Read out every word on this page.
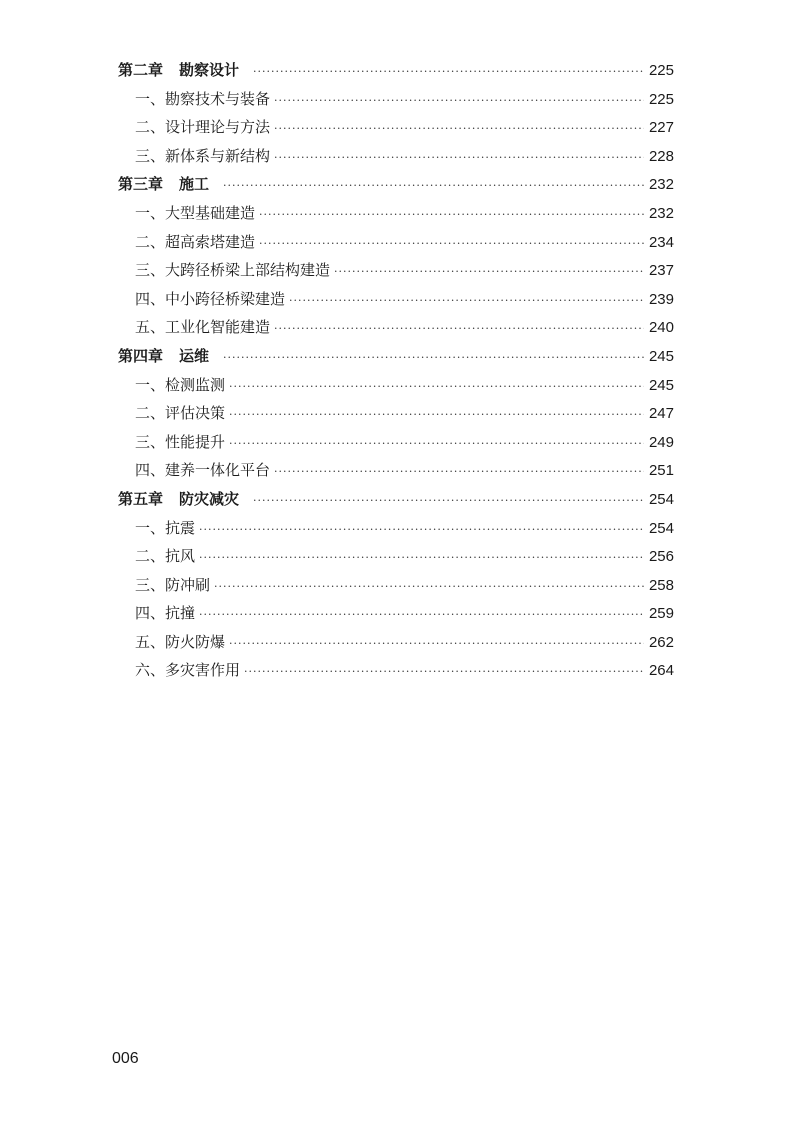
第二章 勘察设计 ·····	225
一、勘察技术与装备 ·····	225
二、设计理论与方法 ·····	227
三、新体系与新结构 ·····	228
第三章 施工 ·····	232
一、大型基础建造 ·····	232
二、超高索塔建造 ·····	234
三、大跨径桥梁上部结构建造 ·····	237
四、中小跨径桥梁建造 ·····	239
五、工业化智能建造 ·····	240
第四章 运维 ·····	245
一、检测监测 ·····	245
二、评估决策 ·····	247
三、性能提升 ·····	249
四、建养一体化平台 ·····	251
第五章 防灾减灾 ·····	254
一、抗震 ·····	254
二、抗风 ·····	256
三、防冲刷 ·····	258
四、抗撞 ·····	259
五、防火防爆 ·····	262
六、多灾害作用 ·····	264
006
